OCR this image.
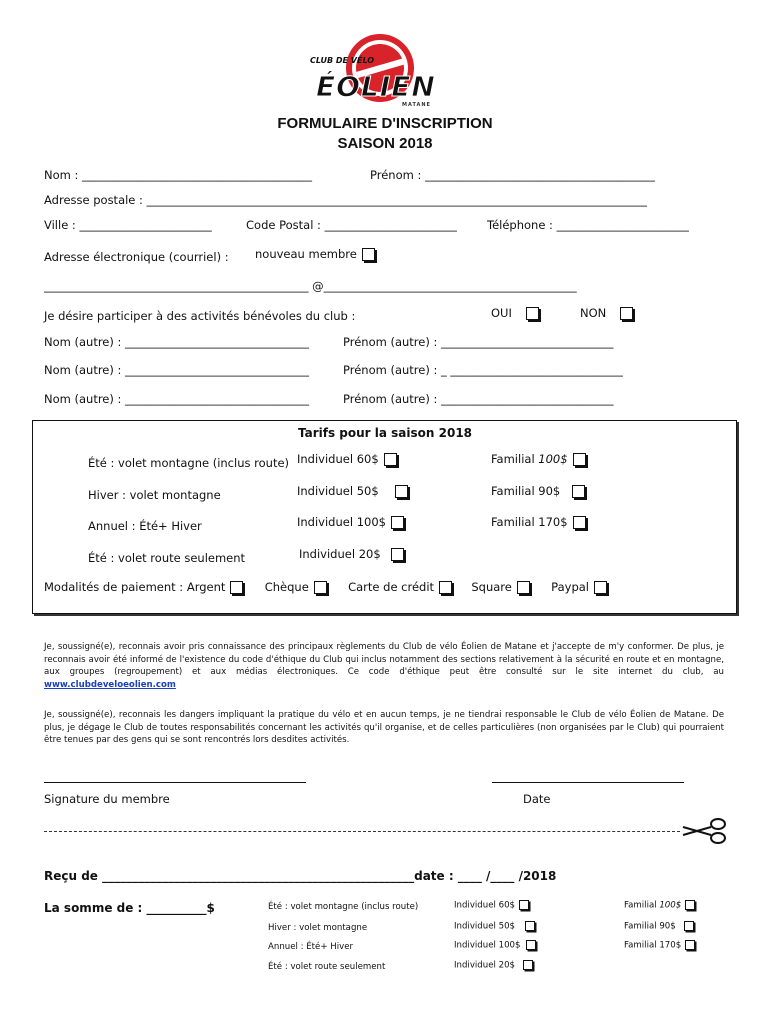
CLUB DE VÉLO
ÉOLIEN
MATANE
FORMULAIRE D'INSCRIPTION
SAISON 2018
Nom : ________________________________________	Prénom : ________________________________________
Adresse postale : _______________________________________________________________________________________
Ville : _______________________	Code Postal : _______________________	Téléphone : _______________________
Adresse électronique (courriel) : nouveau membre
______________________________________________ @____________________________________________
Je désire participer à des activités bénévoles du club :	OUI	NON
Nom (autre) : ________________________________	Prénom (autre) : ______________________________
Nom (autre) : ________________________________	Prénom (autre) : _ ______________________________
Nom (autre) : ________________________________	Prénom (autre) : ______________________________
Tarifs pour la saison 2018
Été : volet montagne (inclus route) Individuel 60$	Familial 100$
Hiver : volet montagne	Individuel 50$	Familial 90$
Annuel : Été+ Hiver	Individuel 100$	Familial 170$
Été : volet route seulement	Individuel 20$
Modalités de paiement : Argent	Chèque	Carte de crédit	Square	Paypal
Je, soussigné(e), reconnais avoir pris connaissance des principaux règlements du Club de vélo Éolien de Matane et j'accepte de m'y conformer. De plus, je reconnais avoir été informé de l'existence du code d'éthique du Club qui inclus notamment des sections relativement à la sécurité en route et en montagne, aux groupes (regroupement) et aux médias électroniques. Ce code d'éthique peut être consulté sur le site internet du club, au www.clubdeveloeolien.com
Je, soussigné(e), reconnais les dangers impliquant la pratique du vélo et en aucun temps, je ne tiendrai responsable le Club de vélo Éolien de Matane. De plus, je dégage le Club de toutes responsabilités concernant les activités qu'il organise, et de celles particulières (non organisées par le Club) qui pourraient être tenues par des gens qui se sont rencontrés lors desdites activités.
Signature du membre	Date
Reçu de ____________________________________________________date : ____ /____ /2018
La somme de : __________$	Été : volet montagne (inclus route)	Individuel 60$	Familial 100$
Hiver : volet montagne	Individuel 50$	Familial 90$
Annuel : Été+ Hiver	Individuel 100$	Familial 170$
Été : volet route seulement	Individuel 20$
